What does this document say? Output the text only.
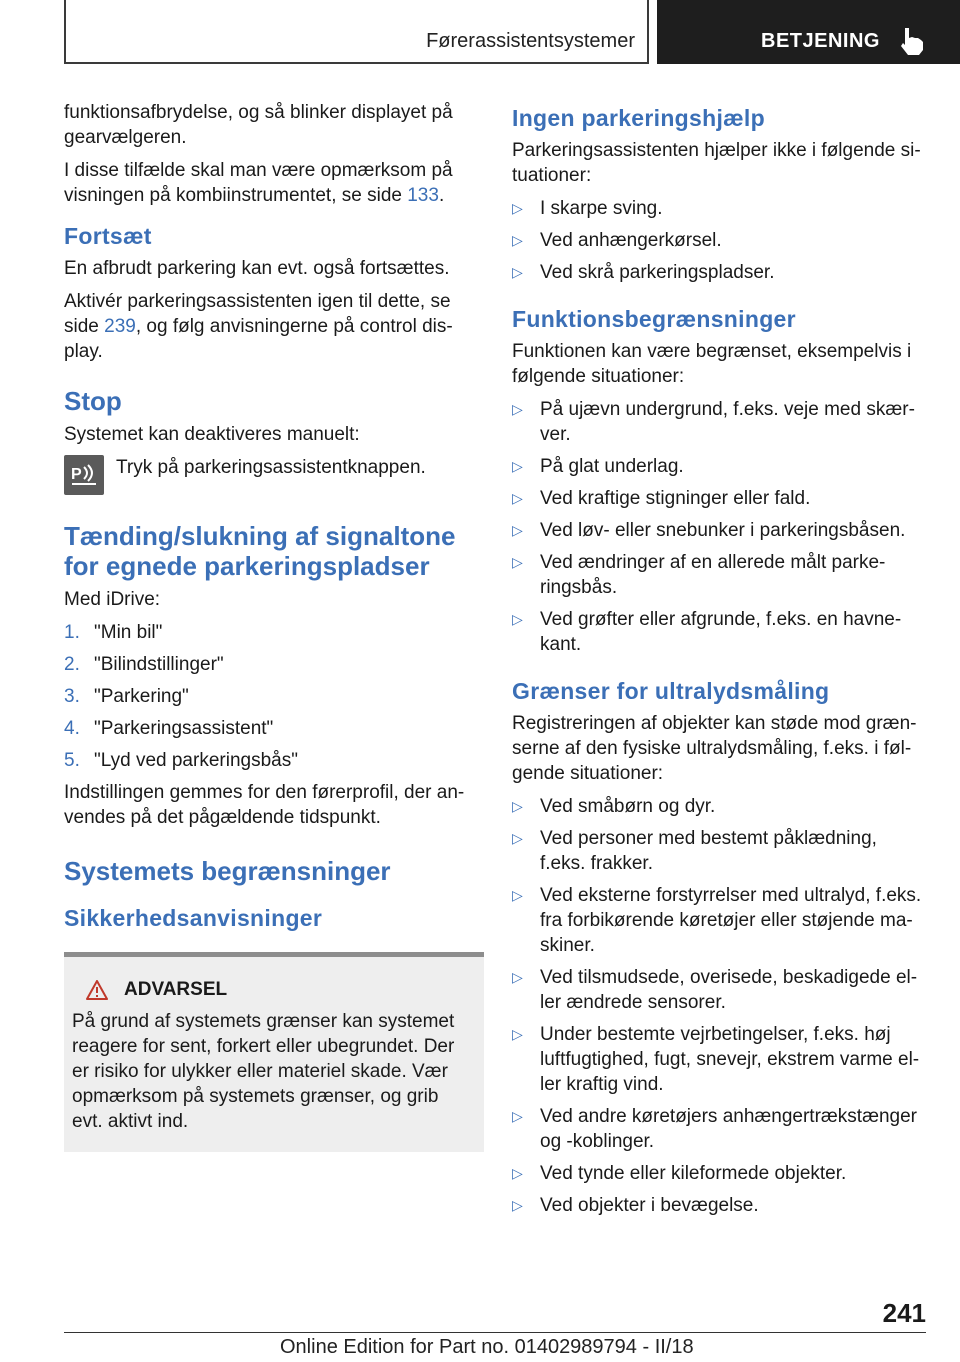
Førerassistentsystemer	BETJENING

funktionsafbrydelse, og så blinker displayet på gearvælgeren.

I disse tilfælde skal man være opmærksom på visningen på kombiinstrumentet, se side 133.

Fortsæt

En afbrudt parkering kan evt. også fortsættes.

Aktivér parkeringsassistenten igen til dette, se side 239, og følg anvisningerne på control display.

Stop

Systemet kan deaktiveres manuelt:

P Tryk på parkeringsassistentknappen.

Tænding/slukning af signaltone for egnede parkeringspladser

Med iDrive:

1. "Min bil"
2. "Bilindstillinger"
3. "Parkering"
4. "Parkeringsassistent"
5. "Lyd ved parkeringsbås"

Indstillingen gemmes for den førerprofil, der anvendes på det pågældende tidspunkt.

Systemets begrænsninger
Sikkerhedsanvisninger
ADVARSEL

På grund af systemets grænser kan systemet reagere for sent, forkert eller ubegrundet. Der er risiko for ulykker eller materiel skade. Vær opmærksom på systemets grænser, og grib evt. aktivt ind.

Ingen parkeringshjælp

Parkeringsassistenten hjælper ikke i følgende situationer:

▷ I skarpe sving.
▷ Ved anhængerkørsel.
▷ Ved skrå parkeringspladser.
Funktionsbegrænsninger

Funktionen kan være begrænset, eksempelvis i følgende situationer:

▷ På ujævn undergrund, f.eks. veje med skærver.
▷ På glat underlag.
▷ Ved kraftige stigninger eller fald.
▷ Ved løv- eller snebunker i parkeringsbåsen.
▷ Ved ændringer af en allerede målt parkeringsbås.
▷ Ved grøfter eller afgrunde, f.eks. en havnekant.
Grænser for ultralydsmåling

Registreringen af objekter kan støde mod grænserne af den fysiske ultralydsmåling, f.eks. i følgende situationer:

▷ Ved småbørn og dyr.
▷ Ved personer med bestemt påklædning, f.eks. frakker.
▷ Ved eksterne forstyrrelser med ultralyd, f.eks. fra forbikørende køretøjer eller støjende maskiner.
▷ Ved tilsmudsede, overisede, beskadigede eller ændrede sensorer.
▷ Under bestemte vejrbetingelser, f.eks. høj luftfugtighed, fugt, snevejr, ekstrem varme eller kraftig vind.
▷ Ved andre køretøjers anhængertrækstænger og -koblinger.
▷ Ved tynde eller kileformede objekter.
▷ Ved objekter i bevægelse.
241
Online Edition for Part no. 01402989794 - II/18
